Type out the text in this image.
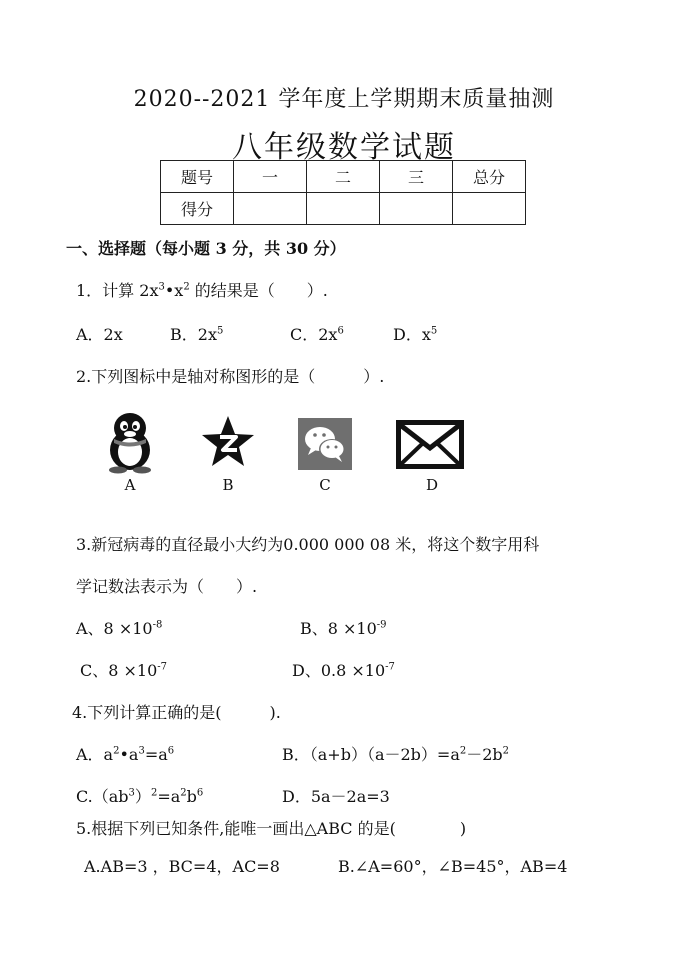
2020--2021 学年度上学期期末质量抽测
八年级数学试题
题号	一	二	三	总分
得分				
一、选择题（每小题 3 分，共 30 分）
1．计算 $2x^3•x^2$ 的结果是（　　）.
A．2x	B．$2x^5$	C．$2x^6$	D．$x^5$
2.下列图标中是轴对称图形的是（　　　）.
A	B	C	D
3.新冠病毒的直径最小大约为0.000 000 08 米，将这个数字用科
学记数法表示为（　　）.
A、$8 \times 10^{-8}$	B、$8 \times 10^{-9}$
C、$8 \times 10^{-7}$	D、$0.8 \times 10^{-7}$
4.下列计算正确的是(　　　).
A．$a^2•a^3=a^6$	B．$(a+b)(a-2b)=a^2-2b^2$
$C.(ab^3)^2=a^2b^6$	D．5a－2a=3
5.根据下列已知条件,能唯一画出△ABC 的是(　　　　)
A.AB=3 ，BC=4，AC=8	B.∠A=60°，∠B=45°，AB=4
